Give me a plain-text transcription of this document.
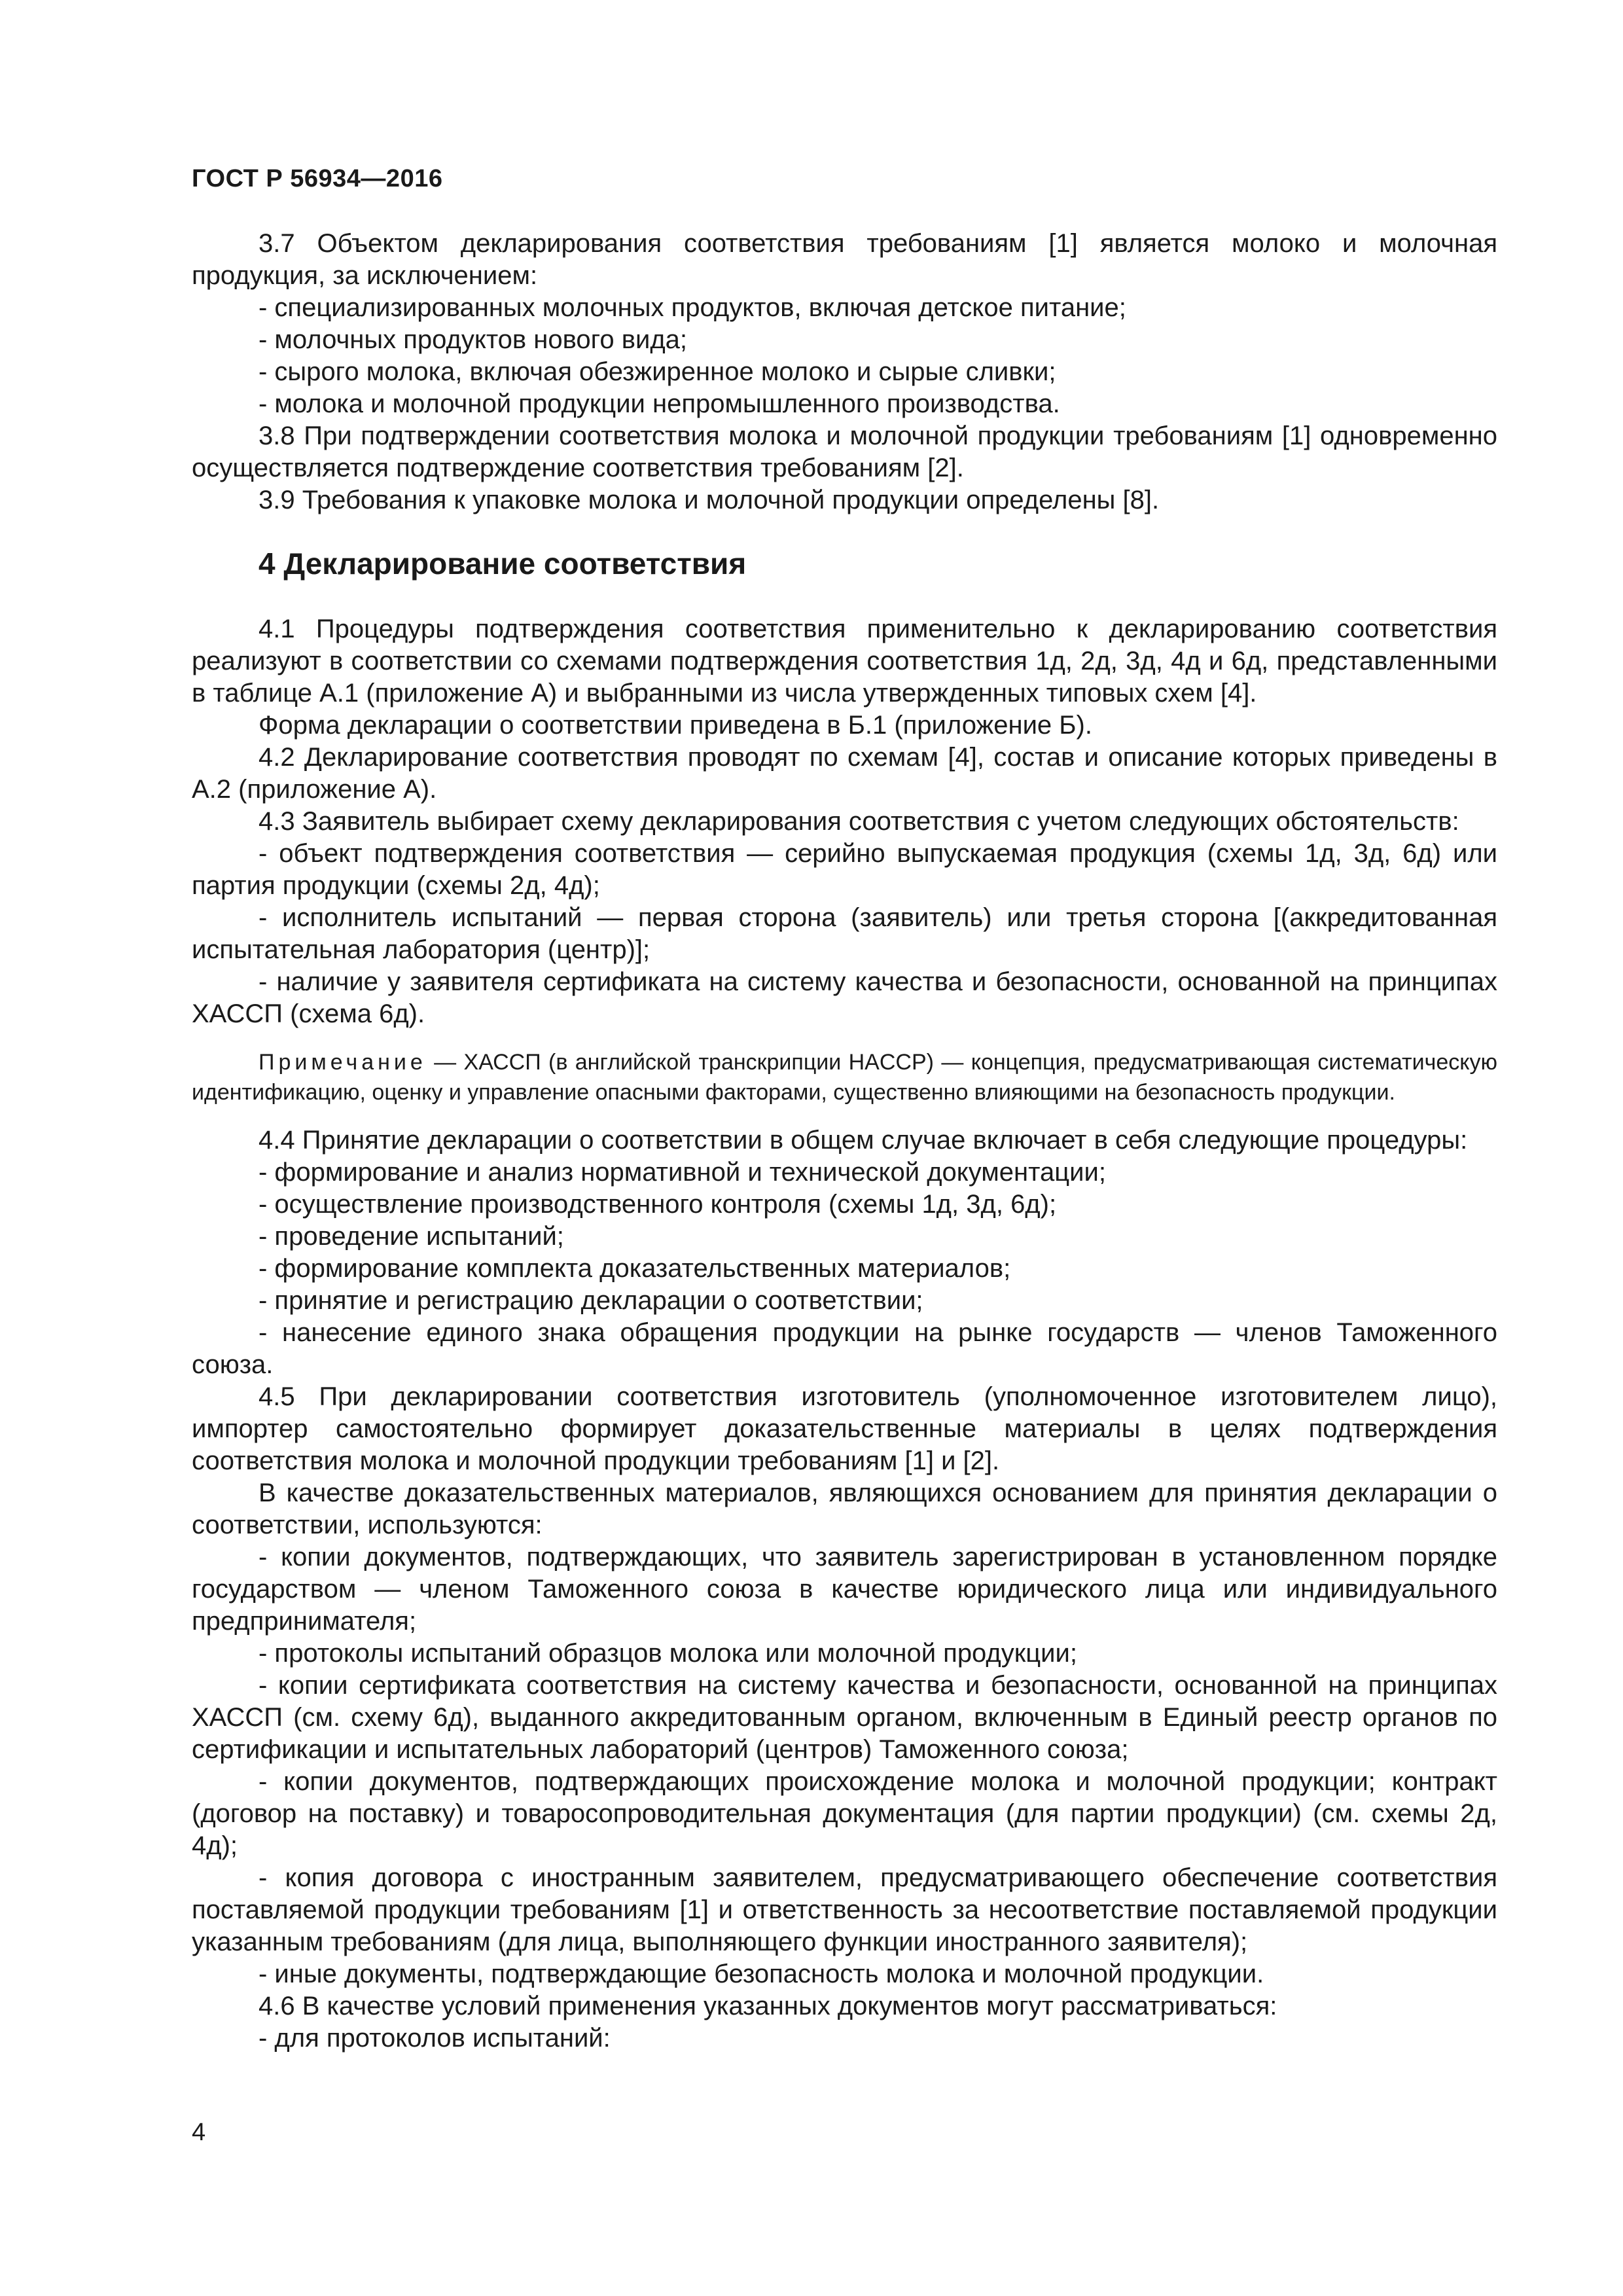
ГОСТ Р 56934—2016

3.7 Объектом декларирования соответствия требованиям [1] является молоко и молочная продукция, за исключением:

- специализированных молочных продуктов, включая детское питание;

- молочных продуктов нового вида;

- сырого молока, включая обезжиренное молоко и сырые сливки;

- молока и молочной продукции непромышленного производства.

3.8 При подтверждении соответствия молока и молочной продукции требованиям [1] одновременно осуществляется подтверждение соответствия требованиям [2].

3.9 Требования к упаковке молока и молочной продукции определены [8].

4 Декларирование соответствия

4.1 Процедуры подтверждения соответствия применительно к декларированию соответствия реализуют в соответствии со схемами подтверждения соответствия 1д, 2д, 3д, 4д и 6д, представленными в таблице А.1 (приложение А) и выбранными из числа утвержденных типовых схем [4].

Форма декларации о соответствии приведена в Б.1 (приложение Б).

4.2 Декларирование соответствия проводят по схемам [4], состав и описание которых приведены в А.2 (приложение А).

4.3 Заявитель выбирает схему декларирования соответствия с учетом следующих обстоятельств:

- объект подтверждения соответствия — серийно выпускаемая продукция (схемы 1д, 3д, 6д) или партия продукции (схемы 2д, 4д);

- исполнитель испытаний — первая сторона (заявитель) или третья сторона [(аккредитованная испытательная лаборатория (центр)];

- наличие у заявителя сертификата на систему качества и безопасности, основанной на принципах ХАССП (схема 6д).

Примечание — ХАССП (в английской транскрипции HACCP) — концепция, предусматривающая систематическую идентификацию, оценку и управление опасными факторами, существенно влияющими на безопасность продукции.

4.4 Принятие декларации о соответствии в общем случае включает в себя следующие процедуры:

- формирование и анализ нормативной и технической документации;

- осуществление производственного контроля (схемы 1д, 3д, 6д);

- проведение испытаний;

- формирование комплекта доказательственных материалов;

- принятие и регистрацию декларации о соответствии;

- нанесение единого знака обращения продукции на рынке государств — членов Таможенного союза.

4.5 При декларировании соответствия изготовитель (уполномоченное изготовителем лицо), импортер самостоятельно формирует доказательственные материалы в целях подтверждения соответствия молока и молочной продукции требованиям [1] и [2].

В качестве доказательственных материалов, являющихся основанием для принятия декларации о соответствии, используются:

- копии документов, подтверждающих, что заявитель зарегистрирован в установленном порядке государством — членом Таможенного союза в качестве юридического лица или индивидуального предпринимателя;

- протоколы испытаний образцов молока или молочной продукции;

- копии сертификата соответствия на систему качества и безопасности, основанной на принципах ХАССП (см. схему 6д), выданного аккредитованным органом, включенным в Единый реестр органов по сертификации и испытательных лабораторий (центров) Таможенного союза;

- копии документов, подтверждающих происхождение молока и молочной продукции; контракт (договор на поставку) и товаросопроводительная документация (для партии продукции) (см. схемы 2д, 4д);

- копия договора с иностранным заявителем, предусматривающего обеспечение соответствия поставляемой продукции требованиям [1] и ответственность за несоответствие поставляемой продукции указанным требованиям (для лица, выполняющего функции иностранного заявителя);

- иные документы, подтверждающие безопасность молока и молочной продукции.

4.6 В качестве условий применения указанных документов могут рассматриваться:

- для протоколов испытаний:

4
